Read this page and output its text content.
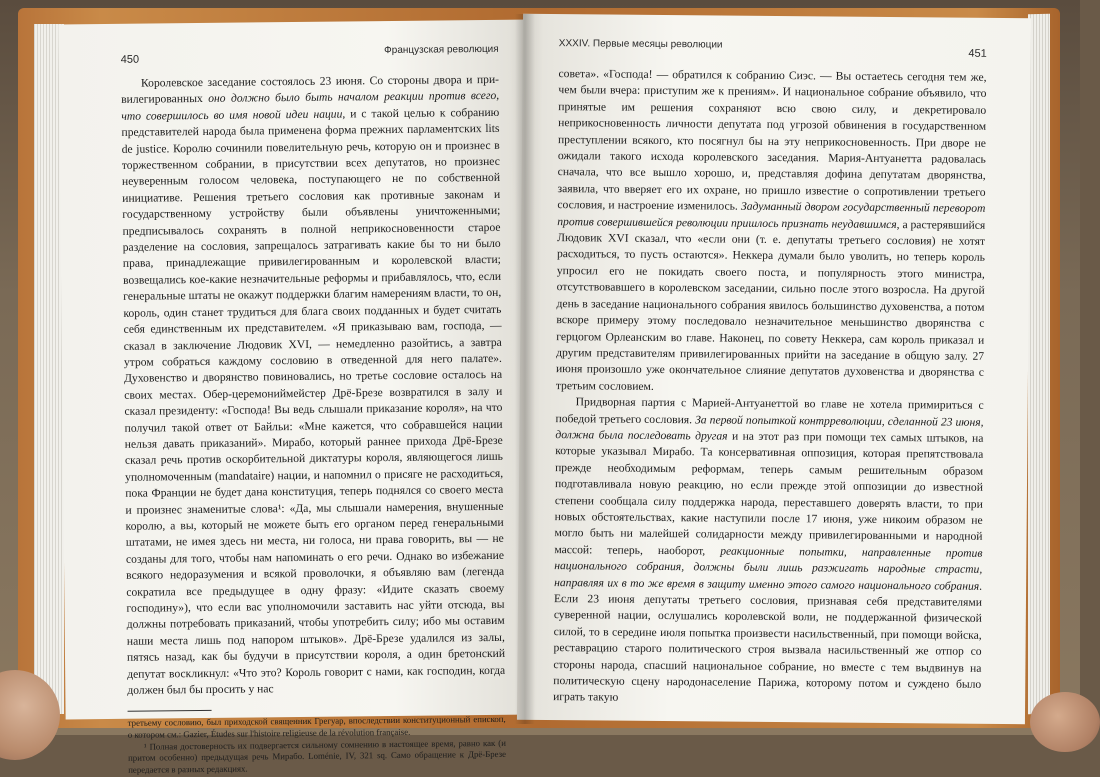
450
Французская революция

Королевское заседание состоялось 23 июня. Со стороны двора и при-вилегированных оно должно было быть началом реакции против всего, что совершилось во имя новой идеи нации, и с такой целью к собранию представителей народа была применена форма прежних парламентских lits de justice. Королю сочинили повелительную речь, которую он и произнес в торжественном собрании, в присутствии всех депутатов, но произнес неуверенным голосом человека, поступающего не по собственной инициативе. Решения третьего сословия как противные законам и государственному устройству были объявлены уничтоженными; предписывалось сохранять в полной неприкосновенности старое разделение на сословия, запрещалось затрагивать какие бы то ни было права, принадлежащие привилегированным и королевской власти; возвещались кое-какие незначительные реформы и прибавлялось, что, если генеральные штаты не окажут поддержки благим намерениям власти, то он, король, один станет трудиться для блага своих подданных и будет считать себя единственным их представителем. «Я приказываю вам, господа, — сказал в заключение Людовик XVI, — немедленно разойтись, а завтра утром собраться каждому сословию в отведенной для него палате». Духовенство и дворянство повиновались, но третье сословие осталось на своих местах. Обер-церемониймейстер Дрё-Брезе возвратился в залу и сказал президенту: «Господа! Вы ведь слышали приказание короля», на что получил такой ответ от Байльи: «Мне кажется, что собравшейся нации нельзя давать приказаний». Мирабо, который раннее прихода Дрё-Брезе сказал речь против оскорбительной диктатуры короля, являющегося лишь уполномоченным (mandataire) нации, и напомнил о присяге не расходиться, пока Франции не будет дана конституция, теперь поднялся со своего места и произнес знаменитые слова¹: «Да, мы слышали намерения, внушенные королю, а вы, который не можете быть его органом перед генеральными штатами, не имея здесь ни места, ни голоса, ни права говорить, вы — не созданы для того, чтобы нам напоминать о его речи. Однако во избежание всякого недоразумения и всякой проволочки, я объявляю вам (легенда сократила все предыдущее в одну фразу: «Идите сказать своему господину»), что если вас уполномочили заставить нас уйти отсюда, вы должны потребовать приказаний, чтобы употребить силу; ибо мы оставим наши места лишь под напором штыков». Дрё-Брезе удалился из залы, пятясь назад, как бы будучи в присутствии короля, а один бретонский депутат воскликнул: «Что это? Король говорит с нами, как господин, когда должен был бы просить у нас

третьему сословию, был приходской священник Грегуар, впоследствии конституционный епископ, о котором см.: Gazier, Études sur l'histoire religieuse de la révolution française.

¹ Полная достоверность их подвергается сильному сомнению в настоящее время, равно как (и притом особенно) предыдущая речь Мирабо. Loménie, IV, 321 sq. Само обращение к Дрё-Брезе передается в разных редакциях.

XXXIV. Первые месяцы революции
451

совета». «Господа! — обратился к собранию Сиэс. — Вы остаетесь сегодня тем же, чем были вчера: приступим же к прениям». И национальное собрание объявило, что принятые им решения сохраняют всю свою силу, и декретировало неприкосновенность личности депутата под угрозой обвинения в государственном преступлении всякого, кто посягнул бы на эту неприкосновенность. При дворе не ожидали такого исхода королевского заседания. Мария-Антуанетта радовалась сначала, что все вышло хорошо, и, представляя дофина депутатам дворянства, заявила, что вверяет его их охране, но пришло известие о сопротивлении третьего сословия, и настроение изменилось. Задуманный двором государственный переворот против совершившейся революции пришлось признать неудавшимся, а растерявшийся Людовик XVI сказал, что «если они (т. е. депутаты третьего сословия) не хотят расходиться, то пусть остаются». Неккера думали было уволить, но теперь король упросил его не покидать своего поста, и популярность этого министра, отсутствовавшего в королевском заседании, сильно после этого возросла. На другой день в заседание национального собрания явилось большинство духовенства, а потом вскоре примеру этому последовало незначительное меньшинство дворянства с герцогом Орлеанским во главе. Наконец, по совету Неккера, сам король приказал и другим представителям привилегированных прийти на заседание в общую залу. 27 июня произошло уже окончательное слияние депутатов духовенства и дворянства с третьим сословием.

Придворная партия с Марией-Антуанеттой во главе не хотела примириться с победой третьего сословия. За первой попыткой контрреволюции, сделанной 23 июня, должна была последовать другая и на этот раз при помощи тех самых штыков, на которые указывал Мирабо. Та консервативная оппозиция, которая препятствовала прежде необходимым реформам, теперь самым решительным образом подготавливала новую реакцию, но если прежде этой оппозиции до известной степени сообщала силу поддержка народа, переставшего доверять власти, то при новых обстоятельствах, какие наступили после 17 июня, уже никоим образом не могло быть ни малейшей солидарности между привилегированными и народной массой: теперь, наоборот, реакционные попытки, направленные против национального собрания, должны были лишь разжигать народные страсти, направляя их в то же время в защиту именно этого самого национального собрания. Если 23 июня депутаты третьего сословия, признавая себя представителями суверенной нации, ослушались королевской воли, не поддержанной физической силой, то в середине июля попытка произвести насильственный, при помощи войска, реставрацию старого политического строя вызвала насильственный же отпор со стороны народа, спасший национальное собрание, но вместе с тем выдвинув на политическую сцену народонаселение Парижа, которому потом и суждено было играть такую
